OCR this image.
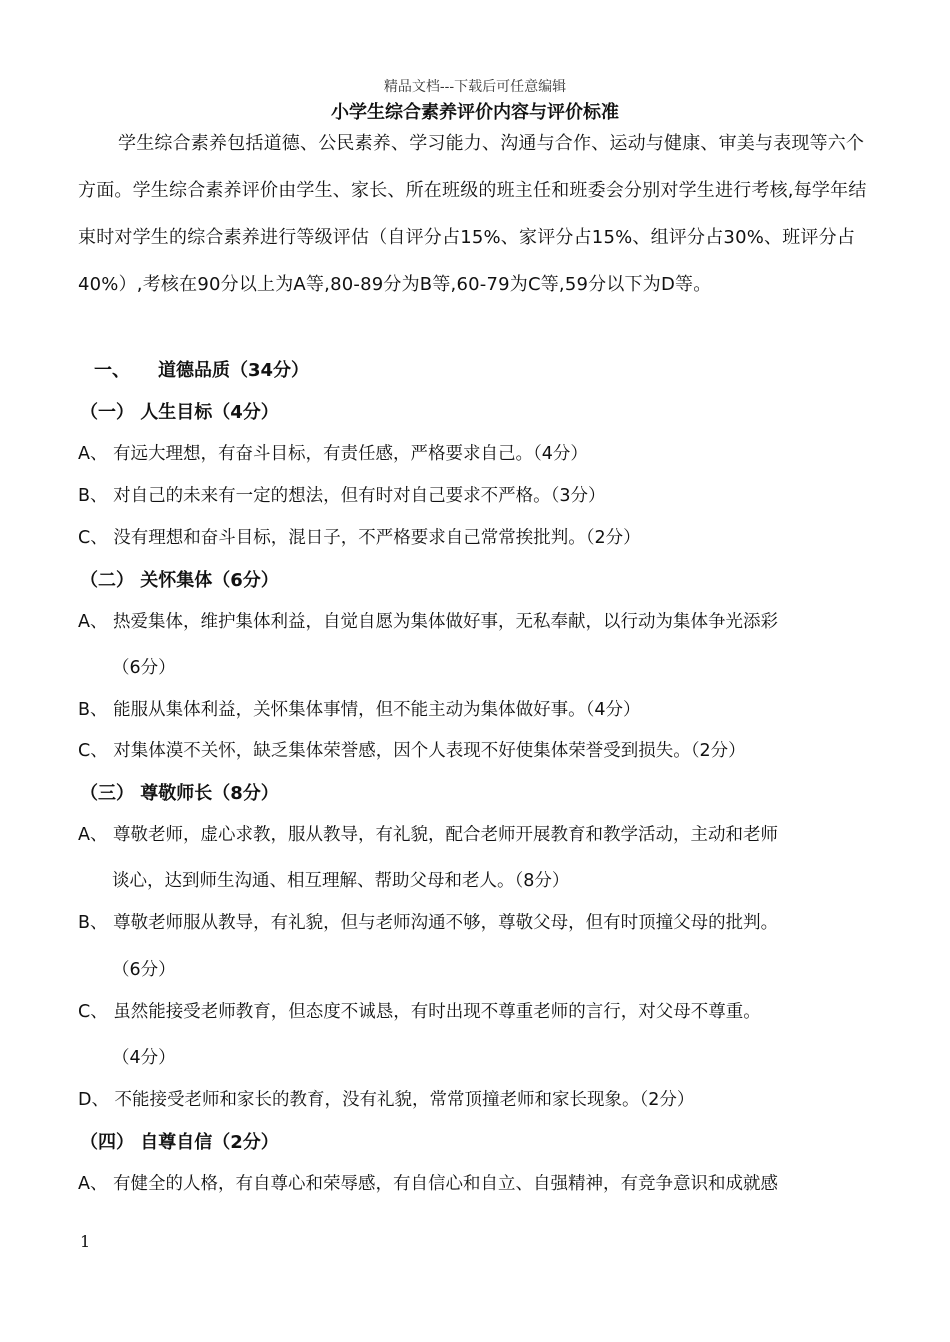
精品文档---下载后可任意编辑
小学生综合素养评价内容与评价标准
学生综合素养包括道德、公民素养、学习能力、沟通与合作、运动与健康、审美与表现等六个方面。学生综合素养评价由学生、家长、所在班级的班主任和班委会分别对学生进行考核,每学年结束时对学生的综合素养进行等级评估（自评分占15%、家评分占15%、组评分占30%、班评分占40%）,考核在90分以上为A等,80-89分为B等,60-79为C等,59分以下为D等。
一、 道德品质（34分）
（一） 人生目标（4分）
A、 有远大理想，有奋斗目标，有责任感，严格要求自己。（4分）
B、 对自己的未来有一定的想法，但有时对自己要求不严格。（3分）
C、 没有理想和奋斗目标，混日子，不严格要求自己常常挨批判。（2分）
（二） 关怀集体（6分）
A、 热爱集体，维护集体利益，自觉自愿为集体做好事，无私奉献，以行动为集体争光添彩
（6分）
B、 能服从集体利益，关怀集体事情，但不能主动为集体做好事。（4分）
C、 对集体漠不关怀，缺乏集体荣誉感，因个人表现不好使集体荣誉受到损失。（2分）
（三） 尊敬师长（8分）
A、 尊敬老师，虚心求教，服从教导，有礼貌，配合老师开展教育和教学活动，主动和老师
谈心，达到师生沟通、相互理解、帮助父母和老人。（8分）
B、 尊敬老师服从教导，有礼貌，但与老师沟通不够，尊敬父母，但有时顶撞父母的批判。
（6分）
C、 虽然能接受老师教育，但态度不诚恳，有时出现不尊重老师的言行，对父母不尊重。
（4分）
D、 不能接受老师和家长的教育，没有礼貌，常常顶撞老师和家长现象。（2分）
（四） 自尊自信（2分）
A、 有健全的人格，有自尊心和荣辱感，有自信心和自立、自强精神，有竞争意识和成就感
1
